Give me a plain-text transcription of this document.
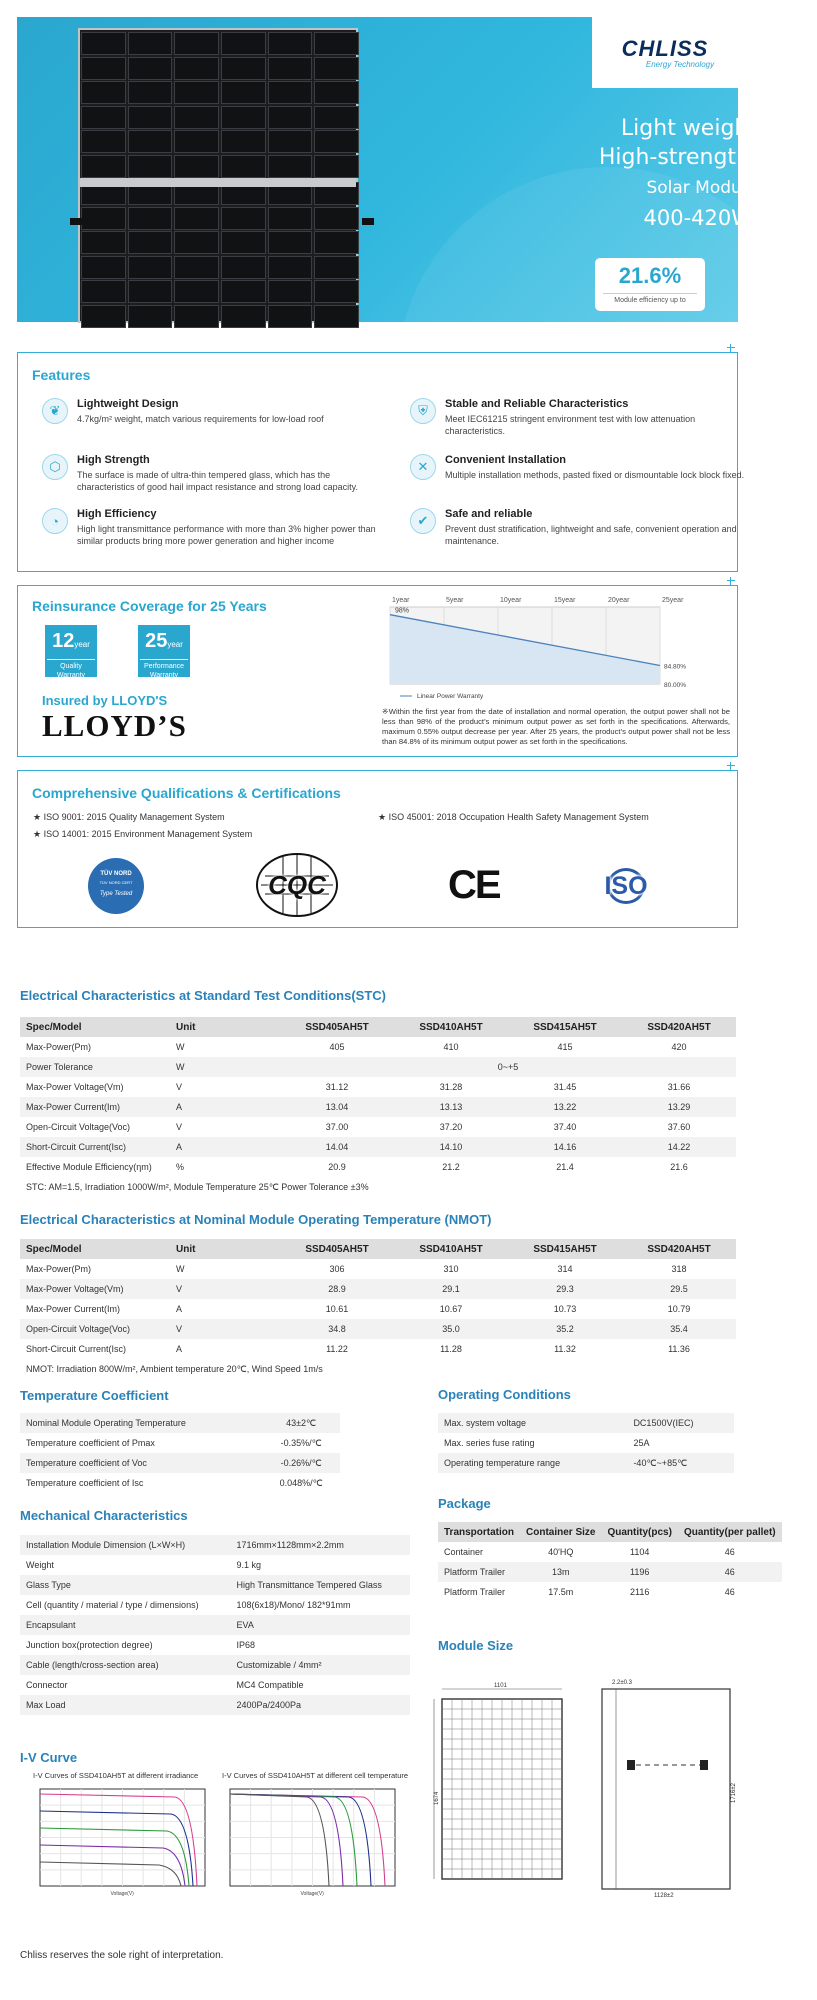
CHLISS
Energy Technology
Light weight
High-strength
Solar Module
400-420W
21.6%
Module efficiency up to
Features
❦	Lightweight Design
4.7kg/m² weight, match various requirements for low-load roof
⛨	Stable and Reliable Characteristics
Meet IEC61215 stringent environment test with low attenuation characteristics.
⬡	High Strength
The surface is made of ultra-thin tempered glass, which has the characteristics of good hail impact resistance and strong load capacity.
✕	Convenient Installation
Multiple installation methods, pasted fixed or dismountable lock block fixed.
◔	High Efficiency
High light transmittance performance with more than 3% higher power than similar products bring more power generation and higher income
✔	Safe and reliable
Prevent dust stratification, lightweight and safe, convenient operation and maintenance.
Reinsurance Coverage for 25 Years
12year
Quality Warranty
25year
Performance Warranty
Insured by LLOYD'S
LLOYD’S
1year	5year	10year	15year	20year	25year
98%
84.80%
80.00%
Linear Power Warranty
※Within the first year from the date of installation and normal operation, the output power shall not be less than 98% of the product’s minimum output power as set forth in the specifications. Afterwards, maximum 0.55% output decrease per year. After 25 years, the product’s output power shall not be less than 84.8% of its minimum output power as set forth in the specifications.
Comprehensive Qualifications & Certifications
★ ISO 9001: 2015 Quality Management System	★ ISO 45001: 2018 Occupation Health Safety Management System
★ ISO 14001: 2015 Environment Management System
TÜV NORD
TÜV NORD CERT
Type Tested	CQC	CE	ISO
Electrical Characteristics at Standard Test Conditions(STC)
Spec/Model	Unit	SSD405AH5T	SSD410AH5T	SSD415AH5T	SSD420AH5T
Max-Power(Pm)	W	405	410	415	420
Power Tolerance	W	0~+5			
Max-Power Voltage(Vm)	V	31.12	31.28	31.45	31.66
Max-Power Current(Im)	A	13.04	13.13	13.22	13.29
Open-Circuit Voltage(Voc)	V	37.00	37.20	37.40	37.60
Short-Circuit Current(Isc)	A	14.04	14.10	14.16	14.22
Effective Module Efficiency(ηm)	%	20.9	21.2	21.4	21.6
STC: AM=1.5, Irradiation 1000W/m², Module Temperature 25℃ Power Tolerance ±3%					
Electrical Characteristics at Nominal Module Operating Temperature (NMOT)
Spec/Model	Unit	SSD405AH5T	SSD410AH5T	SSD415AH5T	SSD420AH5T
Max-Power(Pm)	W	306	310	314	318
Max-Power Voltage(Vm)	V	28.9	29.1	29.3	29.5
Max-Power Current(Im)	A	10.61	10.67	10.73	10.79
Open-Circuit Voltage(Voc)	V	34.8	35.0	35.2	35.4
Short-Circuit Current(Isc)	A	11.22	11.28	11.32	11.36
NMOT: Irradiation 800W/m², Ambient temperature 20℃, Wind Speed 1m/s					
Temperature Coefficient
Nominal Module Operating Temperature	43±2℃
Temperature coefficient of Pmax	-0.35%/℃
Temperature coefficient of Voc	-0.26%/℃
Temperature coefficient of Isc	0.048%/℃
Operating Conditions
Max. system voltage	DC1500V(IEC)
Max. series fuse rating	25A
Operating temperature range	-40℃~+85℃
Mechanical Characteristics
Installation Module Dimension (L×W×H)	1716mm×1128mm×2.2mm
Weight	9.1 kg
Glass Type	High Transmittance Tempered Glass
Cell (quantity / material / type / dimensions)	108(6x18)/Mono/ 182*91mm
Encapsulant	EVA
Junction box(protection degree)	IP68
Cable (length/cross-section area)	Customizable / 4mm²
Connector	MC4 Compatible
Max Load	2400Pa/2400Pa
Package
Transportation	Container Size	Quantity(pcs)	Quantity(per pallet)
Container	40'HQ	1104	46
Platform Trailer	13m	1196	46
Platform Trailer	17.5m	2116	46
Module Size
1101
1674
2.2±0.3
1128±2
1716±2
I-V Curve
I-V Curves of SSD410AH5T at different irradiance	I-V Curves of SSD410AH5T at different cell temperature
Voltage(V)	Voltage(V)
Chliss reserves the sole right of interpretation.
